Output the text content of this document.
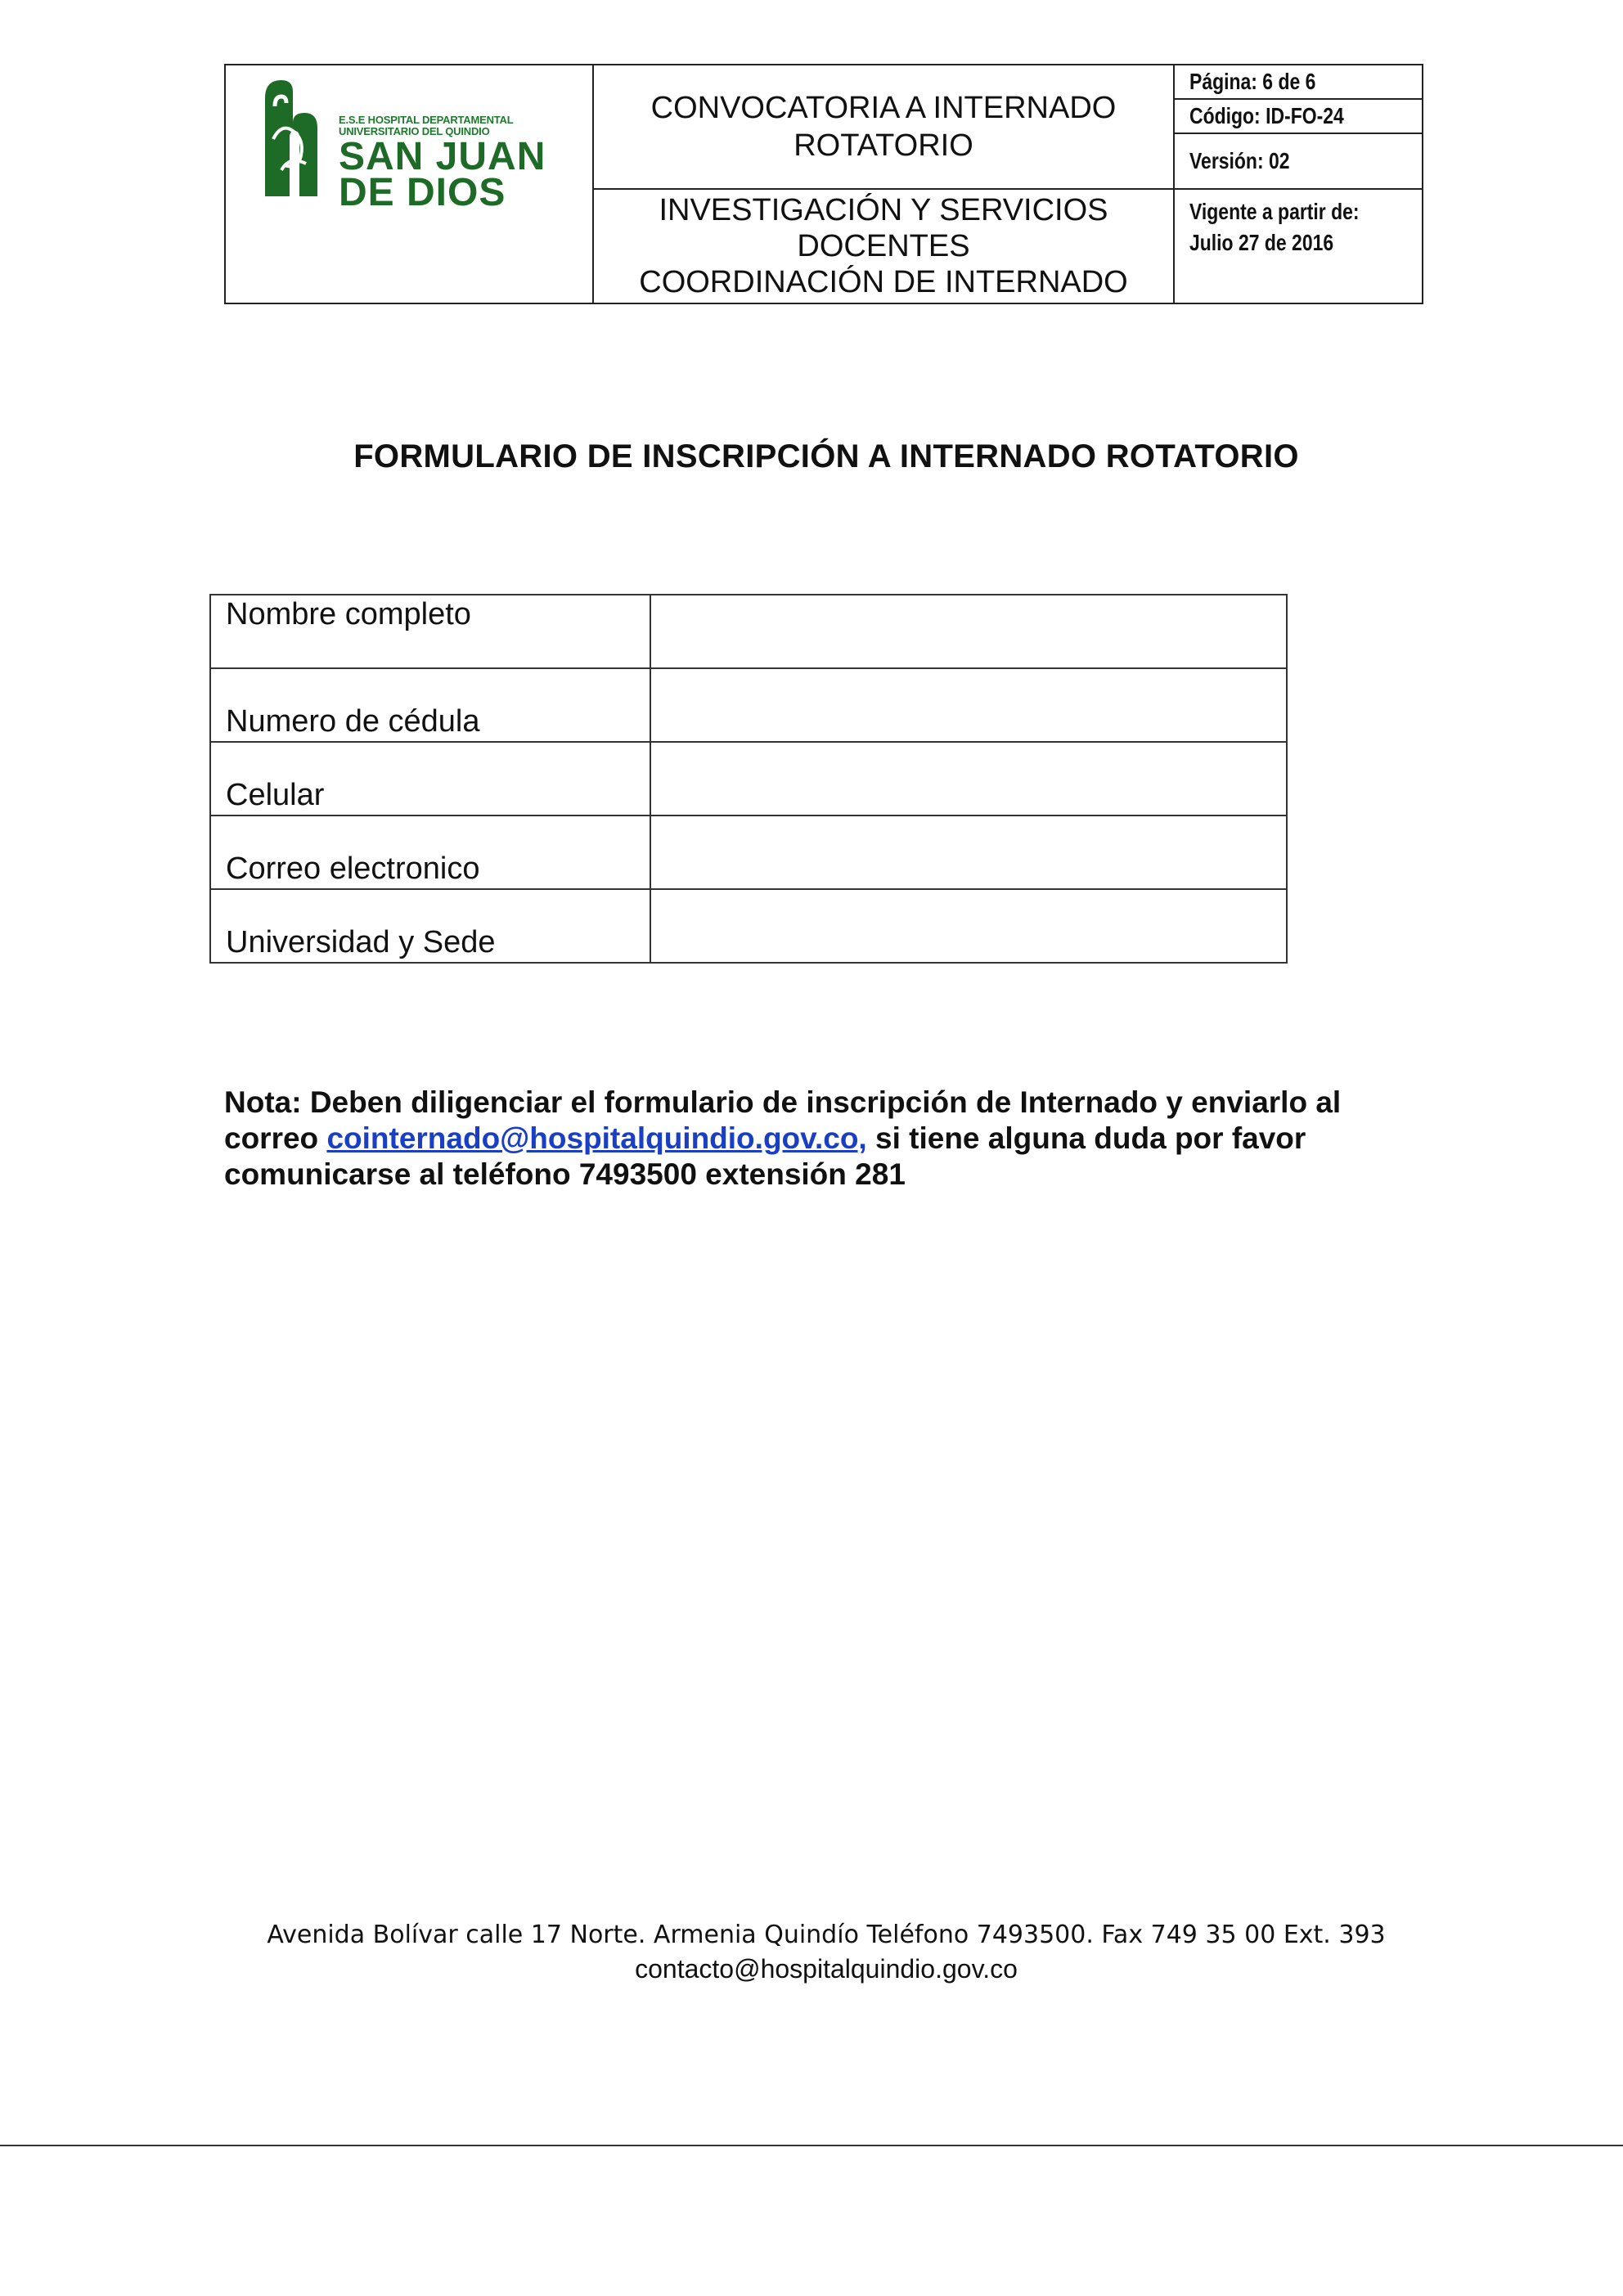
E.S.E HOSPITAL DEPARTAMENTAL
UNIVERSITARIO DEL QUINDIO
SAN JUAN
DE DIOS
CONVOCATORIA A INTERNADO
ROTATORIO
INVESTIGACIÓN Y SERVICIOS
DOCENTES
COORDINACIÓN DE INTERNADO
Página: 6 de 6
Código: ID-FO-24
Versión: 02
Vigente a partir de:
Julio 27 de 2016
FORMULARIO DE INSCRIPCIÓN A INTERNADO ROTATORIO
Nombre completo	
Numero de cédula	
Celular	
Correo electronico	
Universidad y Sede	
Nota: Deben diligenciar el formulario de inscripción de Internado y enviarlo al correo cointernado@hospitalquindio.gov.co, si tiene alguna duda por favor comunicarse al teléfono 7493500 extensión 281
Avenida Bolívar calle 17 Norte. Armenia Quindío Teléfono 7493500. Fax 749 35 00 Ext. 393
contacto@hospitalquindio.gov.co
